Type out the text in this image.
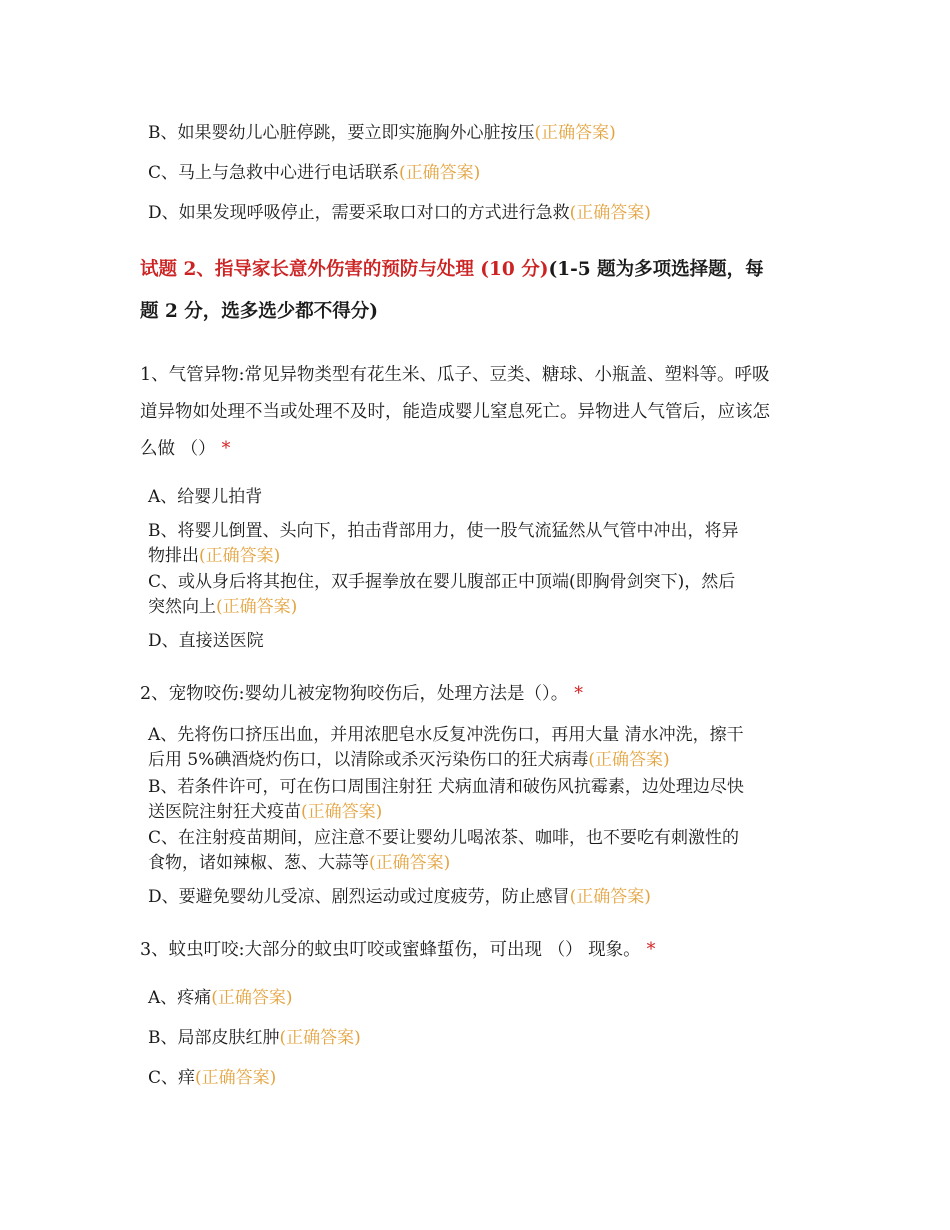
B、如果婴幼儿心脏停跳，要立即实施胸外心脏按压(正确答案)
C、马上与急救中心进行电话联系(正确答案)
D、如果发现呼吸停止，需要采取口对口的方式进行急救(正确答案)
试题 2、指导家长意外伤害的预防与处理 (10 分)(1-5 题为多项选择题，每
题 2 分，选多选少都不得分)
1、气管异物:常见异物类型有花生米、瓜子、豆类、糖球、小瓶盖、塑料等。呼吸
道异物如处理不当或处理不及时，能造成婴儿窒息死亡。异物进人气管后，应该怎
么做 （） *
A、给婴儿拍背
B、将婴儿倒置、头向下，拍击背部用力，使一股气流猛然从气管中冲出，将异
物排出(正确答案)
C、或从身后将其抱住，双手握拳放在婴儿腹部正中顶端(即胸骨剑突下)，然后
突然向上(正确答案)
D、直接送医院
2、宠物咬伤:婴幼儿被宠物狗咬伤后，处理方法是（）。 *
A、先将伤口挤压出血，并用浓肥皂水反复冲洗伤口，再用大量 清水冲洗，擦干
后用 5%碘酒烧灼伤口，以清除或杀灭污染伤口的狂犬病毒(正确答案)
B、若条件许可，可在伤口周围注射狂 犬病血清和破伤风抗霉素，边处理边尽快
送医院注射狂犬疫苗(正确答案)
C、在注射疫苗期间，应注意不要让婴幼儿喝浓茶、咖啡，也不要吃有刺激性的
食物，诸如辣椒、葱、大蒜等(正确答案)
D、要避免婴幼儿受凉、剧烈运动或过度疲劳，防止感冒(正确答案)
3、蚊虫叮咬:大部分的蚊虫叮咬或蜜蜂蜇伤，可出现 （） 现象。 *
A、疼痛(正确答案)
B、局部皮肤红肿(正确答案)
C、痒(正确答案)
